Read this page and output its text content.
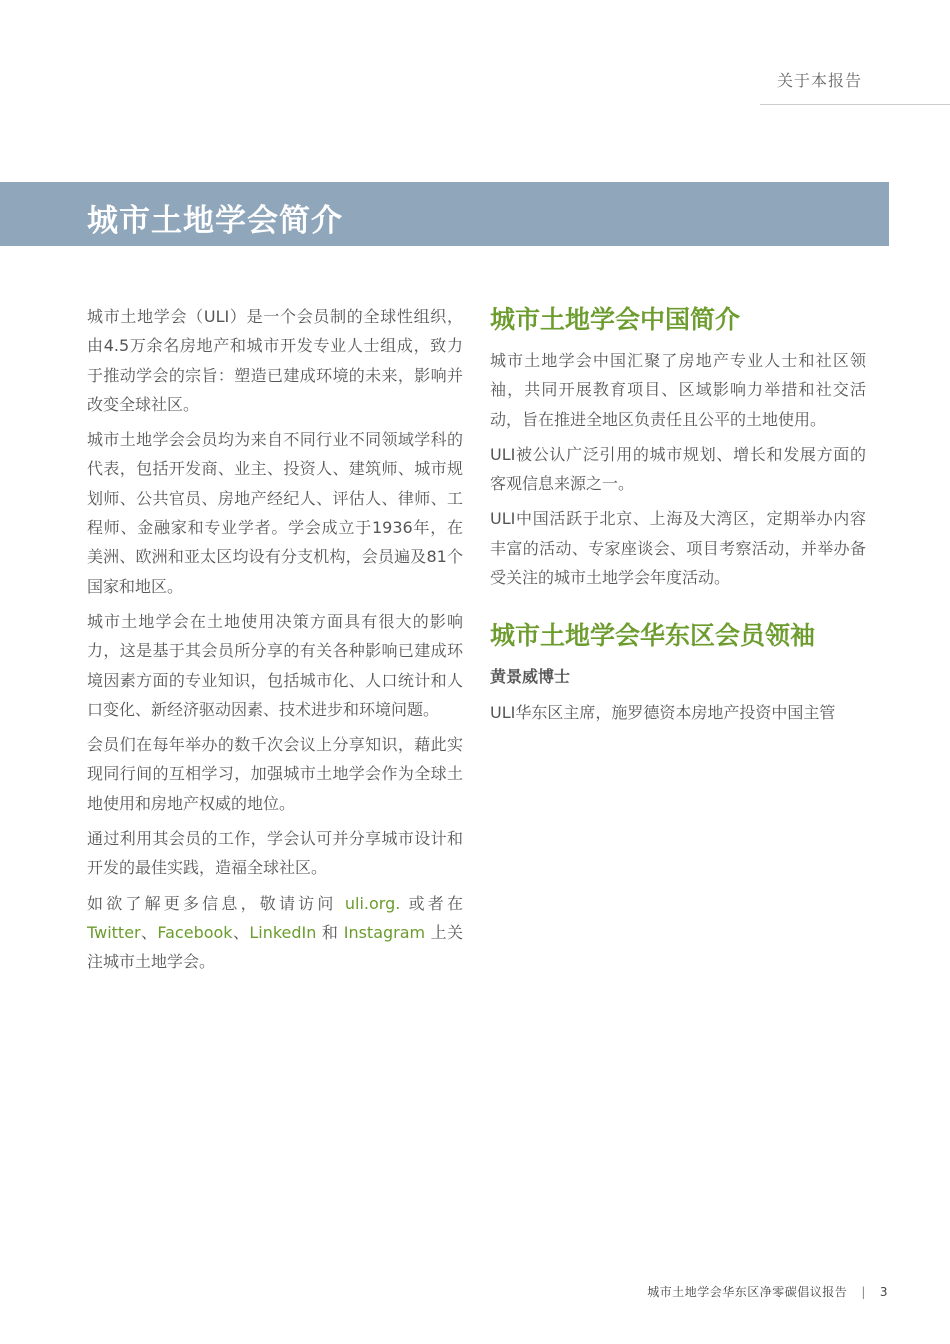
关于本报告
城市土地学会简介

城市土地学会（ULI）是一个会员制的全球性组织，由4.5万余名房地产和城市开发专业人士组成，致力于推动学会的宗旨：塑造已建成环境的未来，影响并改变全球社区。

城市土地学会会员均为来自不同行业不同领域学科的代表，包括开发商、业主、投资人、建筑师、城市规划师、公共官员、房地产经纪人、评估人、律师、工程师、金融家和专业学者。学会成立于1936年，在美洲、欧洲和亚太区均设有分支机构，会员遍及81个国家和地区。

城市土地学会在土地使用决策方面具有很大的影响力，这是基于其会员所分享的有关各种影响已建成环境因素方面的专业知识，包括城市化、人口统计和人口变化、新经济驱动因素、技术进步和环境问题。

会员们在每年举办的数千次会议上分享知识，藉此实现同行间的互相学习，加强城市土地学会作为全球土地使用和房地产权威的地位。

通过利用其会员的工作，学会认可并分享城市设计和开发的最佳实践，造福全球社区。

如欲了解更多信息，敬请访问 uli.org. 或者在 Twitter、Facebook、LinkedIn 和 Instagram 上关注城市土地学会。

城市土地学会中国简介

城市土地学会中国汇聚了房地产专业人士和社区领袖，共同开展教育项目、区域影响力举措和社交活动，旨在推进全地区负责任且公平的土地使用。

ULI被公认广泛引用的城市规划、增长和发展方面的客观信息来源之一。

ULI中国活跃于北京、上海及大湾区，定期举办内容丰富的活动、专家座谈会、项目考察活动，并举办备受关注的城市土地学会年度活动。

城市土地学会华东区会员领袖

黄景威博士

ULI华东区主席，施罗德资本房地产投资中国主管

城市土地学会华东区净零碳倡议报告 | 3
